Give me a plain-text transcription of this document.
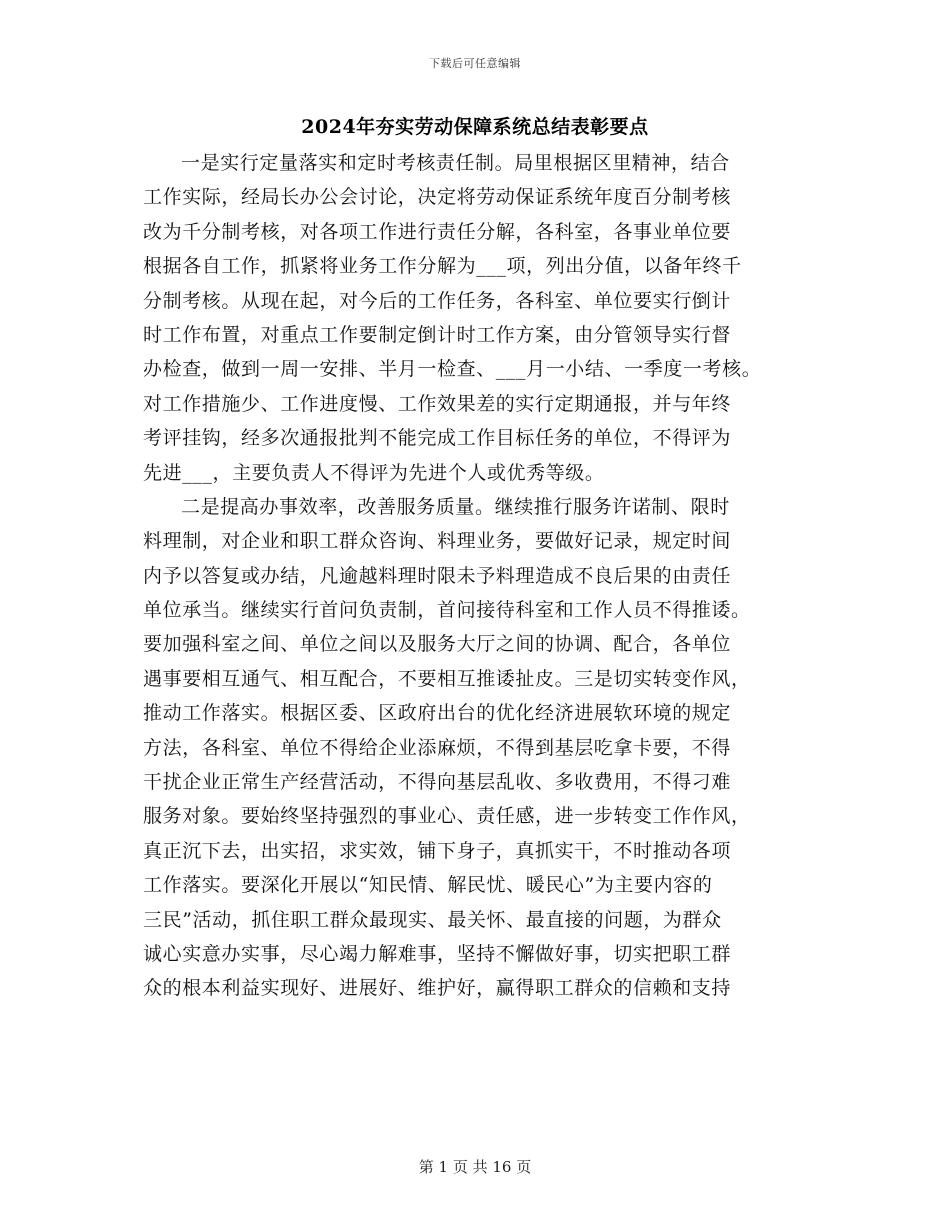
下载后可任意编辑
2024年夯实劳动保障系统总结表彰要点
一是实行定量落实和定时考核责任制。局里根据区里精神，结合
工作实际，经局长办公会讨论，决定将劳动保证系统年度百分制考核
改为千分制考核，对各项工作进行责任分解，各科室，各事业单位要
根据各自工作，抓紧将业务工作分解为___项，列出分值，以备年终千
分制考核。从现在起，对今后的工作任务，各科室、单位要实行倒计
时工作布置，对重点工作要制定倒计时工作方案，由分管领导实行督
办检查，做到一周一安排、半月一检查、___月一小结、一季度一考核。
对工作措施少、工作进度慢、工作效果差的实行定期通报，并与年终
考评挂钩，经多次通报批判不能完成工作目标任务的单位，不得评为
先进___，主要负责人不得评为先进个人或优秀等级。
二是提高办事效率，改善服务质量。继续推行服务许诺制、限时
料理制，对企业和职工群众咨询、料理业务，要做好记录，规定时间
内予以答复或办结，凡逾越料理时限未予料理造成不良后果的由责任
单位承当。继续实行首问负责制，首问接待科室和工作人员不得推诿。
要加强科室之间、单位之间以及服务大厅之间的协调、配合，各单位
遇事要相互通气、相互配合，不要相互推诿扯皮。三是切实转变作风，
推动工作落实。根据区委、区政府出台的优化经济进展软环境的规定
方法，各科室、单位不得给企业添麻烦，不得到基层吃拿卡要，不得
干扰企业正常生产经营活动，不得向基层乱收、多收费用，不得刁难
服务对象。要始终坚持强烈的事业心、责任感，进一步转变工作作风，
真正沉下去，出实招，求实效，铺下身子，真抓实干，不时推动各项
工作落实。要深化开展以“知民情、解民忧、暖民心”为主要内容的
三民”活动，抓住职工群众最现实、最关怀、最直接的问题，为群众
诚心实意办实事，尽心竭力解难事，坚持不懈做好事，切实把职工群
众的根本利益实现好、进展好、维护好，赢得职工群众的信赖和支持
第 1 页 共 16 页
